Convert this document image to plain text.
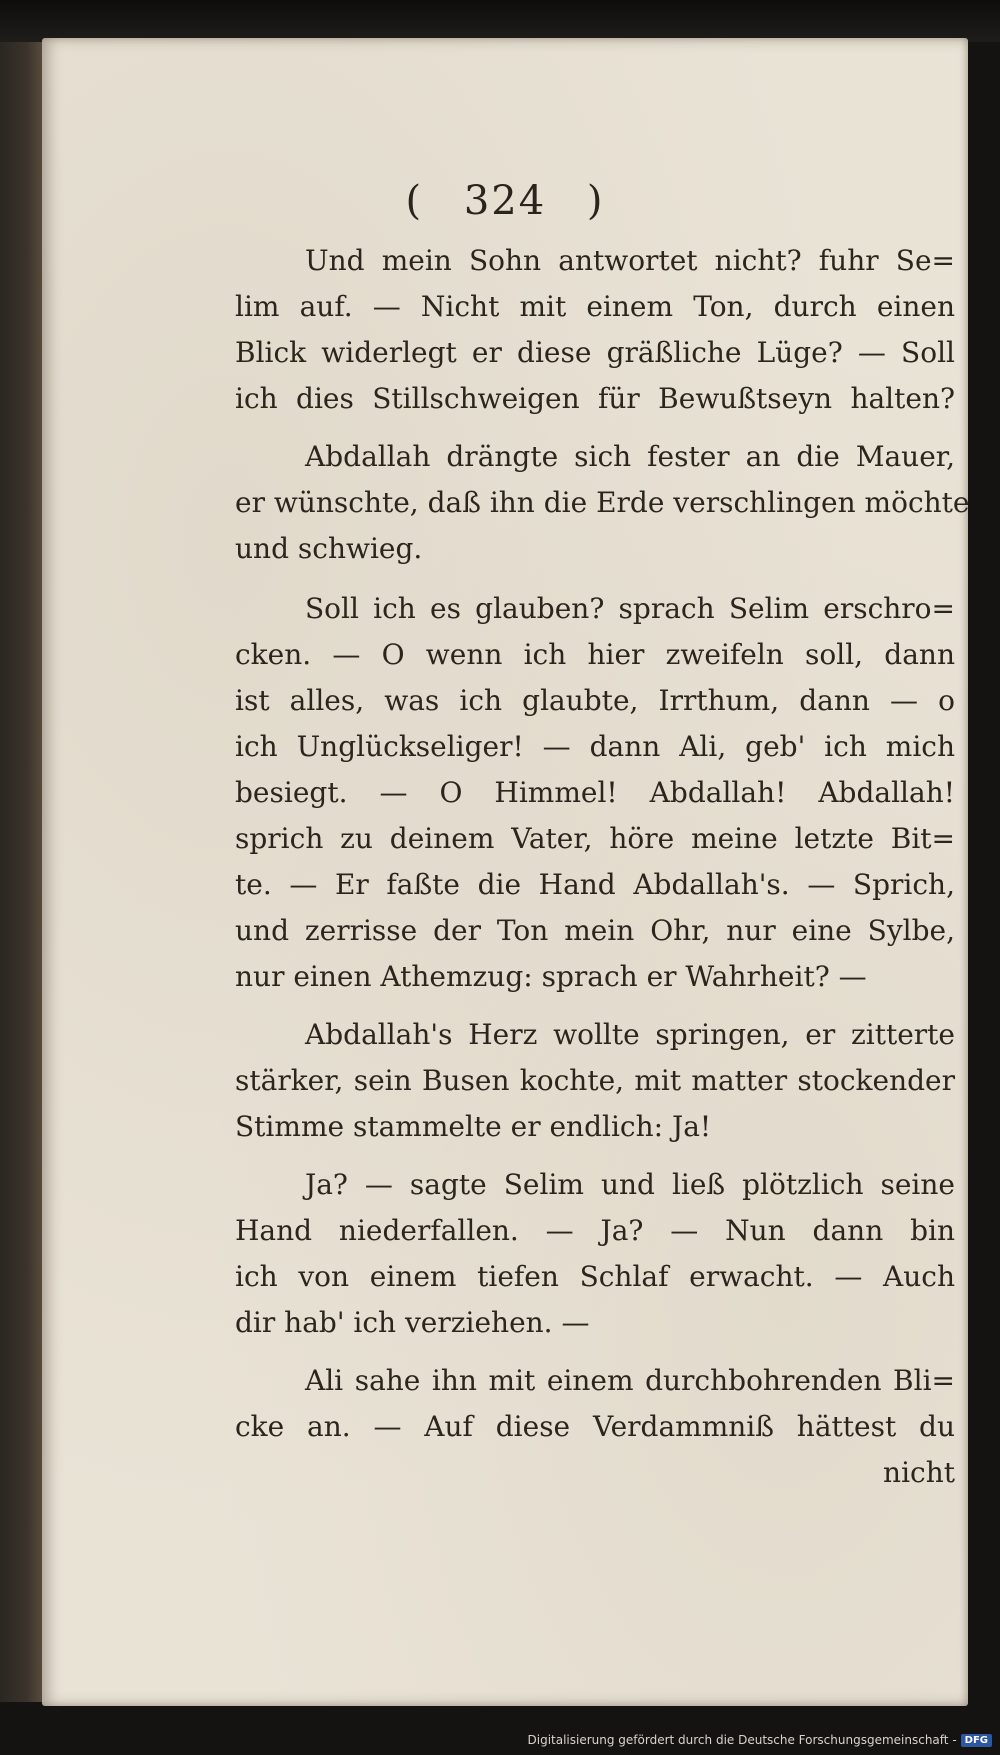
( 324 )

Und mein Sohn antwortet nicht? fuhr Se=
lim auf. — Nicht mit einem Ton, durch einen
Blick widerlegt er diese gräßliche Lüge? — Soll
ich dies Stillschweigen für Bewußtseyn halten?

Abdallah drängte sich fester an die Mauer,
er wünschte, daß ihn die Erde verschlingen möchte
und schwieg.

Soll ich es glauben? sprach Selim erschro=
cken. — O wenn ich hier zweifeln soll, dann
ist alles, was ich glaubte, Irrthum, dann — o
ich Unglückseliger! — dann Ali, geb' ich mich
besiegt. — O Himmel! Abdallah! Abdallah!
sprich zu deinem Vater, höre meine letzte Bit=
te. — Er faßte die Hand Abdallah's. — Sprich,
und zerrisse der Ton mein Ohr, nur eine Sylbe,
nur einen Athemzug: sprach er Wahrheit? —

Abdallah's Herz wollte springen, er zitterte
stärker, sein Busen kochte, mit matter stockender
Stimme stammelte er endlich: Ja!

Ja? — sagte Selim und ließ plötzlich seine
Hand niederfallen. — Ja? — Nun dann bin
ich von einem tiefen Schlaf erwacht. — Auch
dir hab' ich verziehen. —

Ali sahe ihn mit einem durchbohrenden Bli=
cke an. — Auf diese Verdammniß hättest du
nicht

Digitalisierung gefördert durch die Deutsche Forschungsgemeinschaft - DFG
